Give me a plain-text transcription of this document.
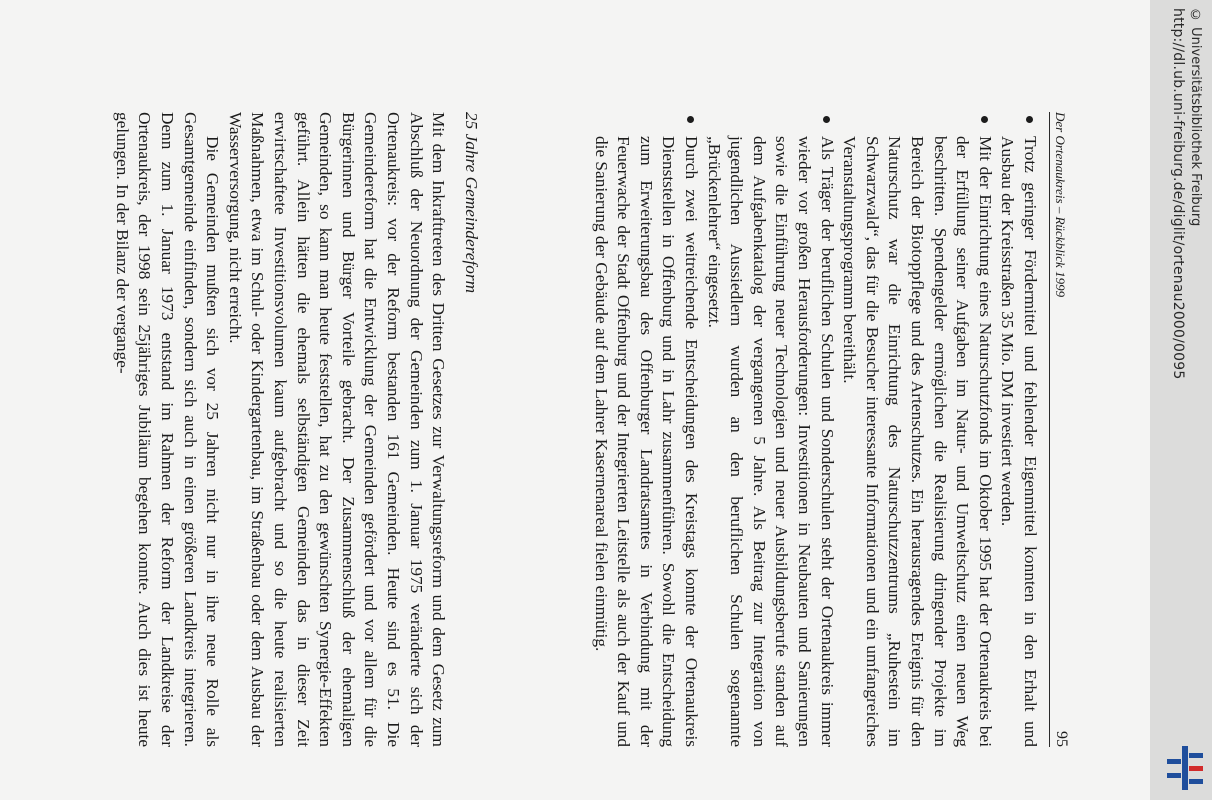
Der Ortenaukreis – Rückblick 1999
95
Trotz geringer Fördermittel und fehlender Eigenmittel konnten in den Erhalt und Ausbau der Kreisstraßen 35 Mio. DM investiert werden.
Mit der Einrichtung eines Naturschutzfonds im Oktober 1995 hat der Ortenaukreis bei der Erfüllung seiner Aufgaben im Natur- und Umweltschutz einen neuen Weg beschritten. Spendengelder ermöglichen die Realisierung dringender Projekte im Bereich der Biotoppflege und des Artenschutzes. Ein herausragendes Ereignis für den Naturschutz war die Einrichtung des Naturschutzzentrums „Ruhestein im Schwarzwald“, das für die Besucher interessante Informationen und ein umfangreiches Veranstaltungsprogramm bereithält.
Als Träger der beruflichen Schulen und Sonderschulen steht der Ortenaukreis immer wieder vor großen Herausforderungen: Investitionen in Neubauten und Sanierungen sowie die Einführung neuer Technologien und neuer Ausbildungsberufe standen auf dem Aufgabenkatalog der vergangenen 5 Jahre. Als Beitrag zur Integration von jugendlichen Aussiedlern wurden an den beruflichen Schulen sogenannte „Brückenlehrer“ eingesetzt.
Durch zwei weitreichende Entscheidungen des Kreistags konnte der Ortenaukreis Dienststellen in Offenburg und in Lahr zusammenführen. Sowohl die Entscheidung zum Erweiterungsbau des Offenburger Landratsamtes in Verbindung mit der Feuerwache der Stadt Offenburg und der Integrierten Leitstelle als auch der Kauf und die Sanierung der Gebäude auf dem Lahrer Kasernenareal fielen einmütig.
25 Jahre Gemeindereform

Mit dem Inkrafttreten des Dritten Gesetzes zur Verwaltungsreform und dem Gesetz zum Abschluß der Neuordnung der Gemeinden zum 1. Januar 1975 veränderte sich der Ortenaukreis: vor der Reform bestanden 161 Gemeinden. Heute sind es 51. Die Gemeindereform hat die Entwicklung der Gemeinden gefördert und vor allem für die Bürgerinnen und Bürger Vorteile gebracht. Der Zusammenschluß der ehemaligen Gemeinden, so kann man heute feststellen, hat zu den gewünschten Synergie-Effekten geführt. Allein hätten die ehemals selbständigen Gemeinden das in dieser Zeit erwirtschaftete Investitionsvolumen kaum aufgebracht und so die heute realisierten Maßnahmen, etwa im Schul- oder Kindergartenbau, im Straßenbau oder dem Ausbau der Wasserversorgung, nicht erreicht.

Die Gemeinden mußten sich vor 25 Jahren nicht nur in ihre neue Rolle als Gesamtgemeinde einfinden, sondern sich auch in einen größeren Landkreis integrieren. Denn zum 1. Januar 1973 entstand im Rahmen der Reform der Landkreise der Ortenaukreis, der 1998 sein 25jähriges Jubiläum begehen konnte. Auch dies ist heute gelungen. In der Bilanz der vergange-	http://dl.ub.uni-freiburg.de/diglit/ortenau2000/0095 © Universitätsbibliothek Freiburg
